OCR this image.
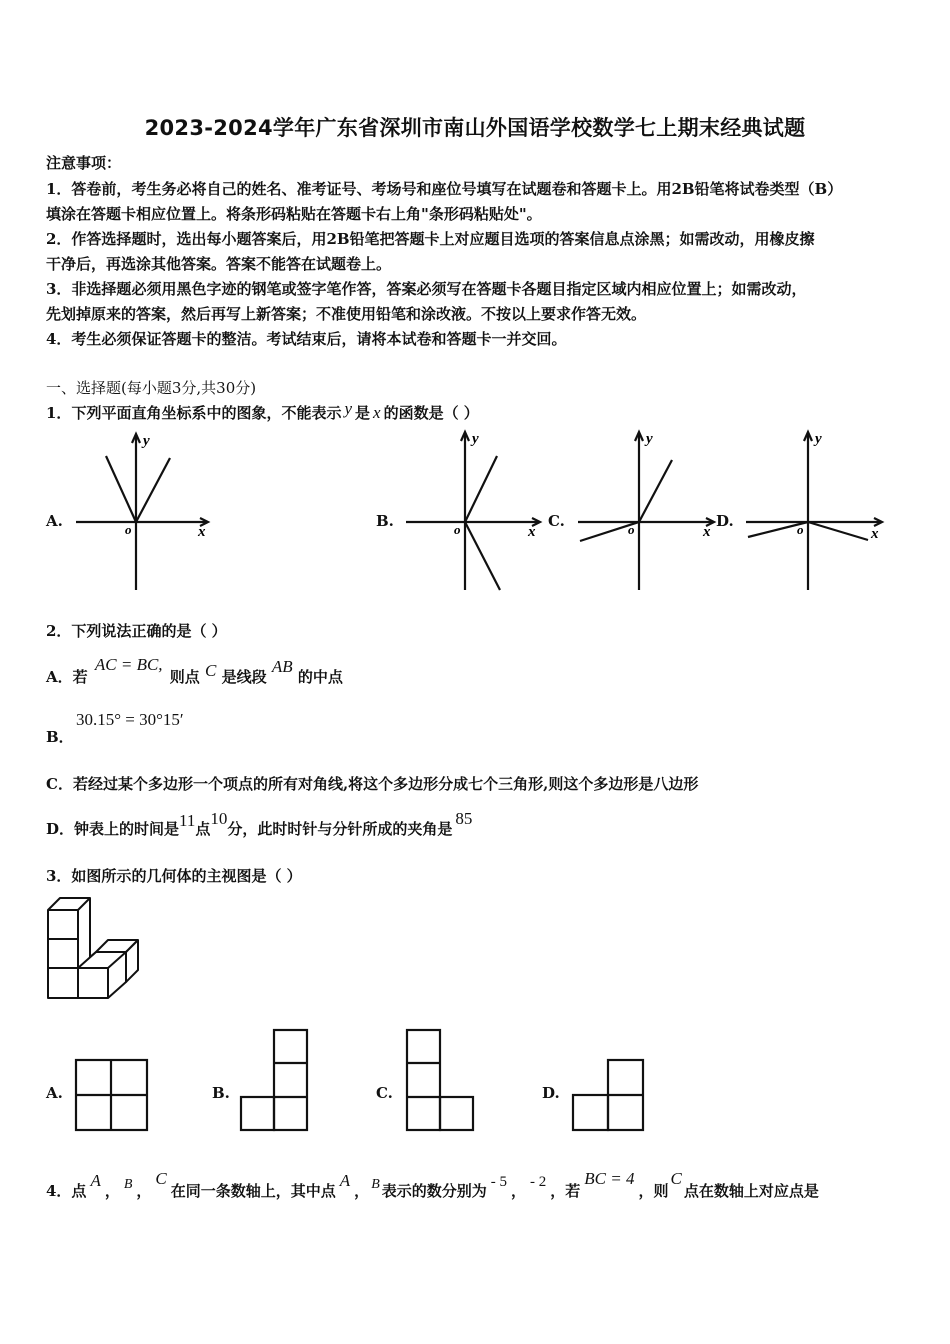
2023-2024学年广东省深圳市南山外国语学校数学七上期末经典试题
注意事项：
1．答卷前，考生务必将自己的姓名、准考证号、考场号和座位号填写在试题卷和答题卡上。用2B铅笔将试卷类型（B）
填涂在答题卡相应位置上。将条形码粘贴在答题卡右上角"条形码粘贴处"。
2．作答选择题时，选出每小题答案后，用2B铅笔把答题卡上对应题目选项的答案信息点涂黑；如需改动，用橡皮擦
干净后，再选涂其他答案。答案不能答在试题卷上。
3．非选择题必须用黑色字迹的钢笔或签字笔作答，答案必须写在答题卡各题目指定区域内相应位置上；如需改动，
先划掉原来的答案，然后再写上新答案；不准使用铅笔和涂改液。不按以上要求作答无效。
4．考生必须保证答题卡的整洁。考试结束后，请将本试卷和答题卡一并交回。
一、选择题(每小题3分,共30分)
1．下列平面直角坐标系中的图象，不能表示 y 是 x 的函数是（ ）
A.	B.	C.	D.
y
x
o
y
x
o
y
x
o
y
x
o
2．下列说法正确的是（ ）
A．若 AC = BC, 则点 C 是线段 AB 的中点
30.15° = 30°15′
B．
C．若经过某个多边形一个项点的所有对角线,将这个多边形分成七个三角形,则这个多边形是八边形
D．钟表上的时间是11点10分，此时时针与分针所成的夹角是85
3．如图所示的几何体的主视图是（ ）
A.	B.	C.	D.
4．点A， B ，C在同一条数轴上，其中点A， B 表示的数分别为 - 5 ， - 2 ，若BC = 4，则C点在数轴上对应点是
